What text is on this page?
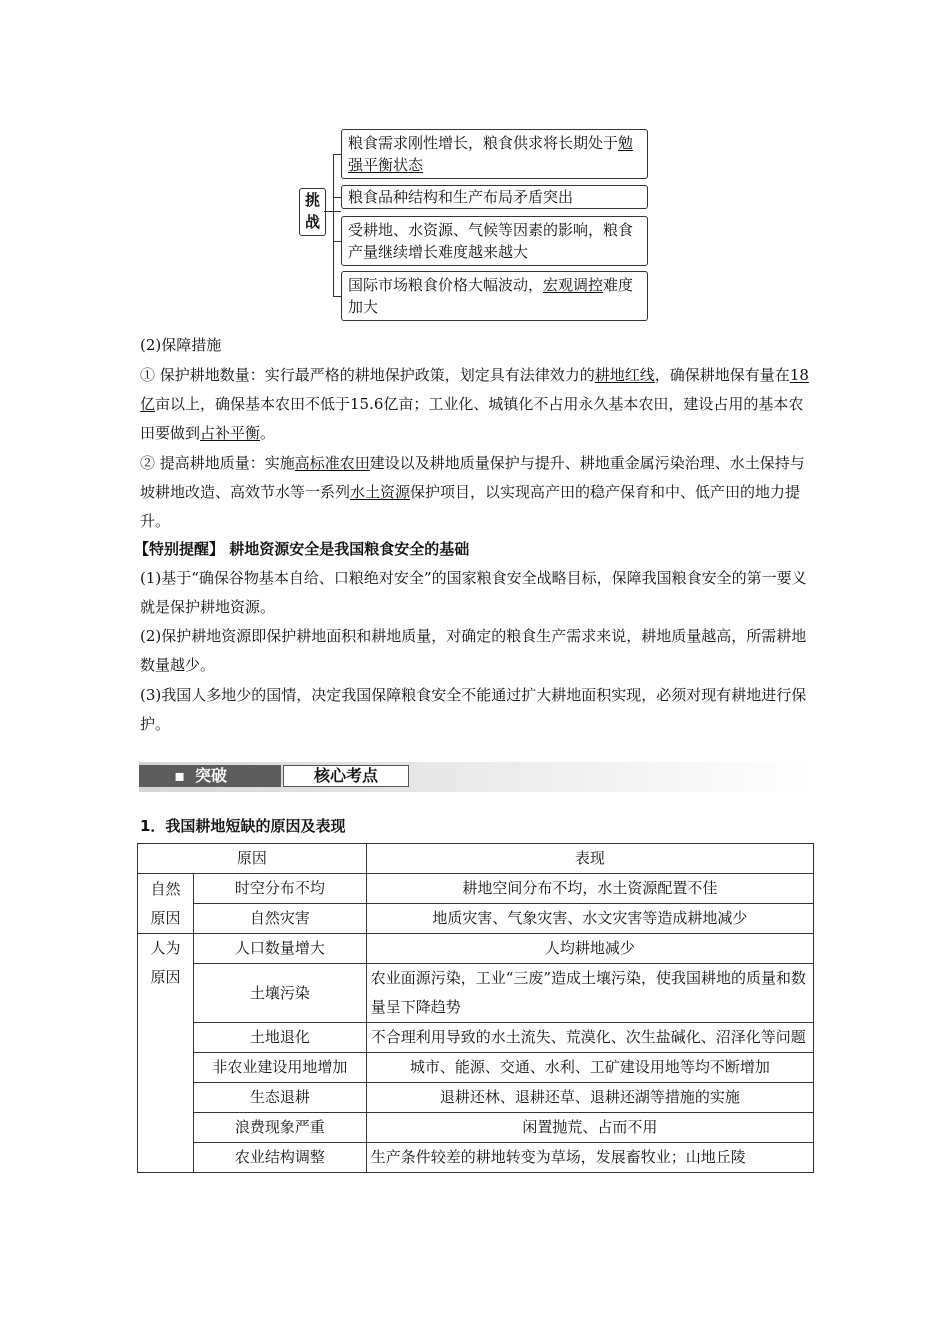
挑战
粮食需求刚性增长，粮食供求将长期处于勉强平衡状态
粮食品种结构和生产布局矛盾突出
受耕地、水资源、气候等因素的影响，粮食产量继续增长难度越来越大
国际市场粮食价格大幅波动，宏观调控难度加大
(2)保障措施
① 保护耕地数量：实行最严格的耕地保护政策，划定具有法律效力的耕地红线，确保耕地保有量在18亿亩以上，确保基本农田不低于15.6亿亩；工业化、城镇化不占用永久基本农田，建设占用的基本农田要做到占补平衡。
② 提高耕地质量：实施高标准农田建设以及耕地质量保护与提升、耕地重金属污染治理、水土保持与坡耕地改造、高效节水等一系列水土资源保护项目，以实现高产田的稳产保育和中、低产田的地力提升。
【特别提醒】 耕地资源安全是我国粮食安全的基础
(1)基于“确保谷物基本自给、口粮绝对安全”的国家粮食安全战略目标，保障我国粮食安全的第一要义就是保护耕地资源。
(2)保护耕地资源即保护耕地面积和耕地质量，对确定的粮食生产需求来说，耕地质量越高，所需耕地数量越少。
(3)我国人多地少的国情，决定我国保障粮食安全不能通过扩大耕地面积实现，必须对现有耕地进行保护。
▪ 突破	核心考点
1．我国耕地短缺的原因及表现
原因		表现
自然原因	时空分布不均	耕地空间分布不均，水土资源配置不佳
	自然灾害	地质灾害、气象灾害、水文灾害等造成耕地减少
人为原因	人口数量增大	人均耕地减少
	土壤污染	农业面源污染，工业“三废”造成土壤污染，使我国耕地的质量和数量呈下降趋势
	土地退化	不合理利用导致的水土流失、荒漠化、次生盐碱化、沼泽化等问题
	非农业建设用地增加	城市、能源、交通、水利、工矿建设用地等均不断增加
	生态退耕	退耕还林、退耕还草、退耕还湖等措施的实施
	浪费现象严重	闲置抛荒、占而不用
	农业结构调整	生产条件较差的耕地转变为草场，发展畜牧业；山地丘陵
